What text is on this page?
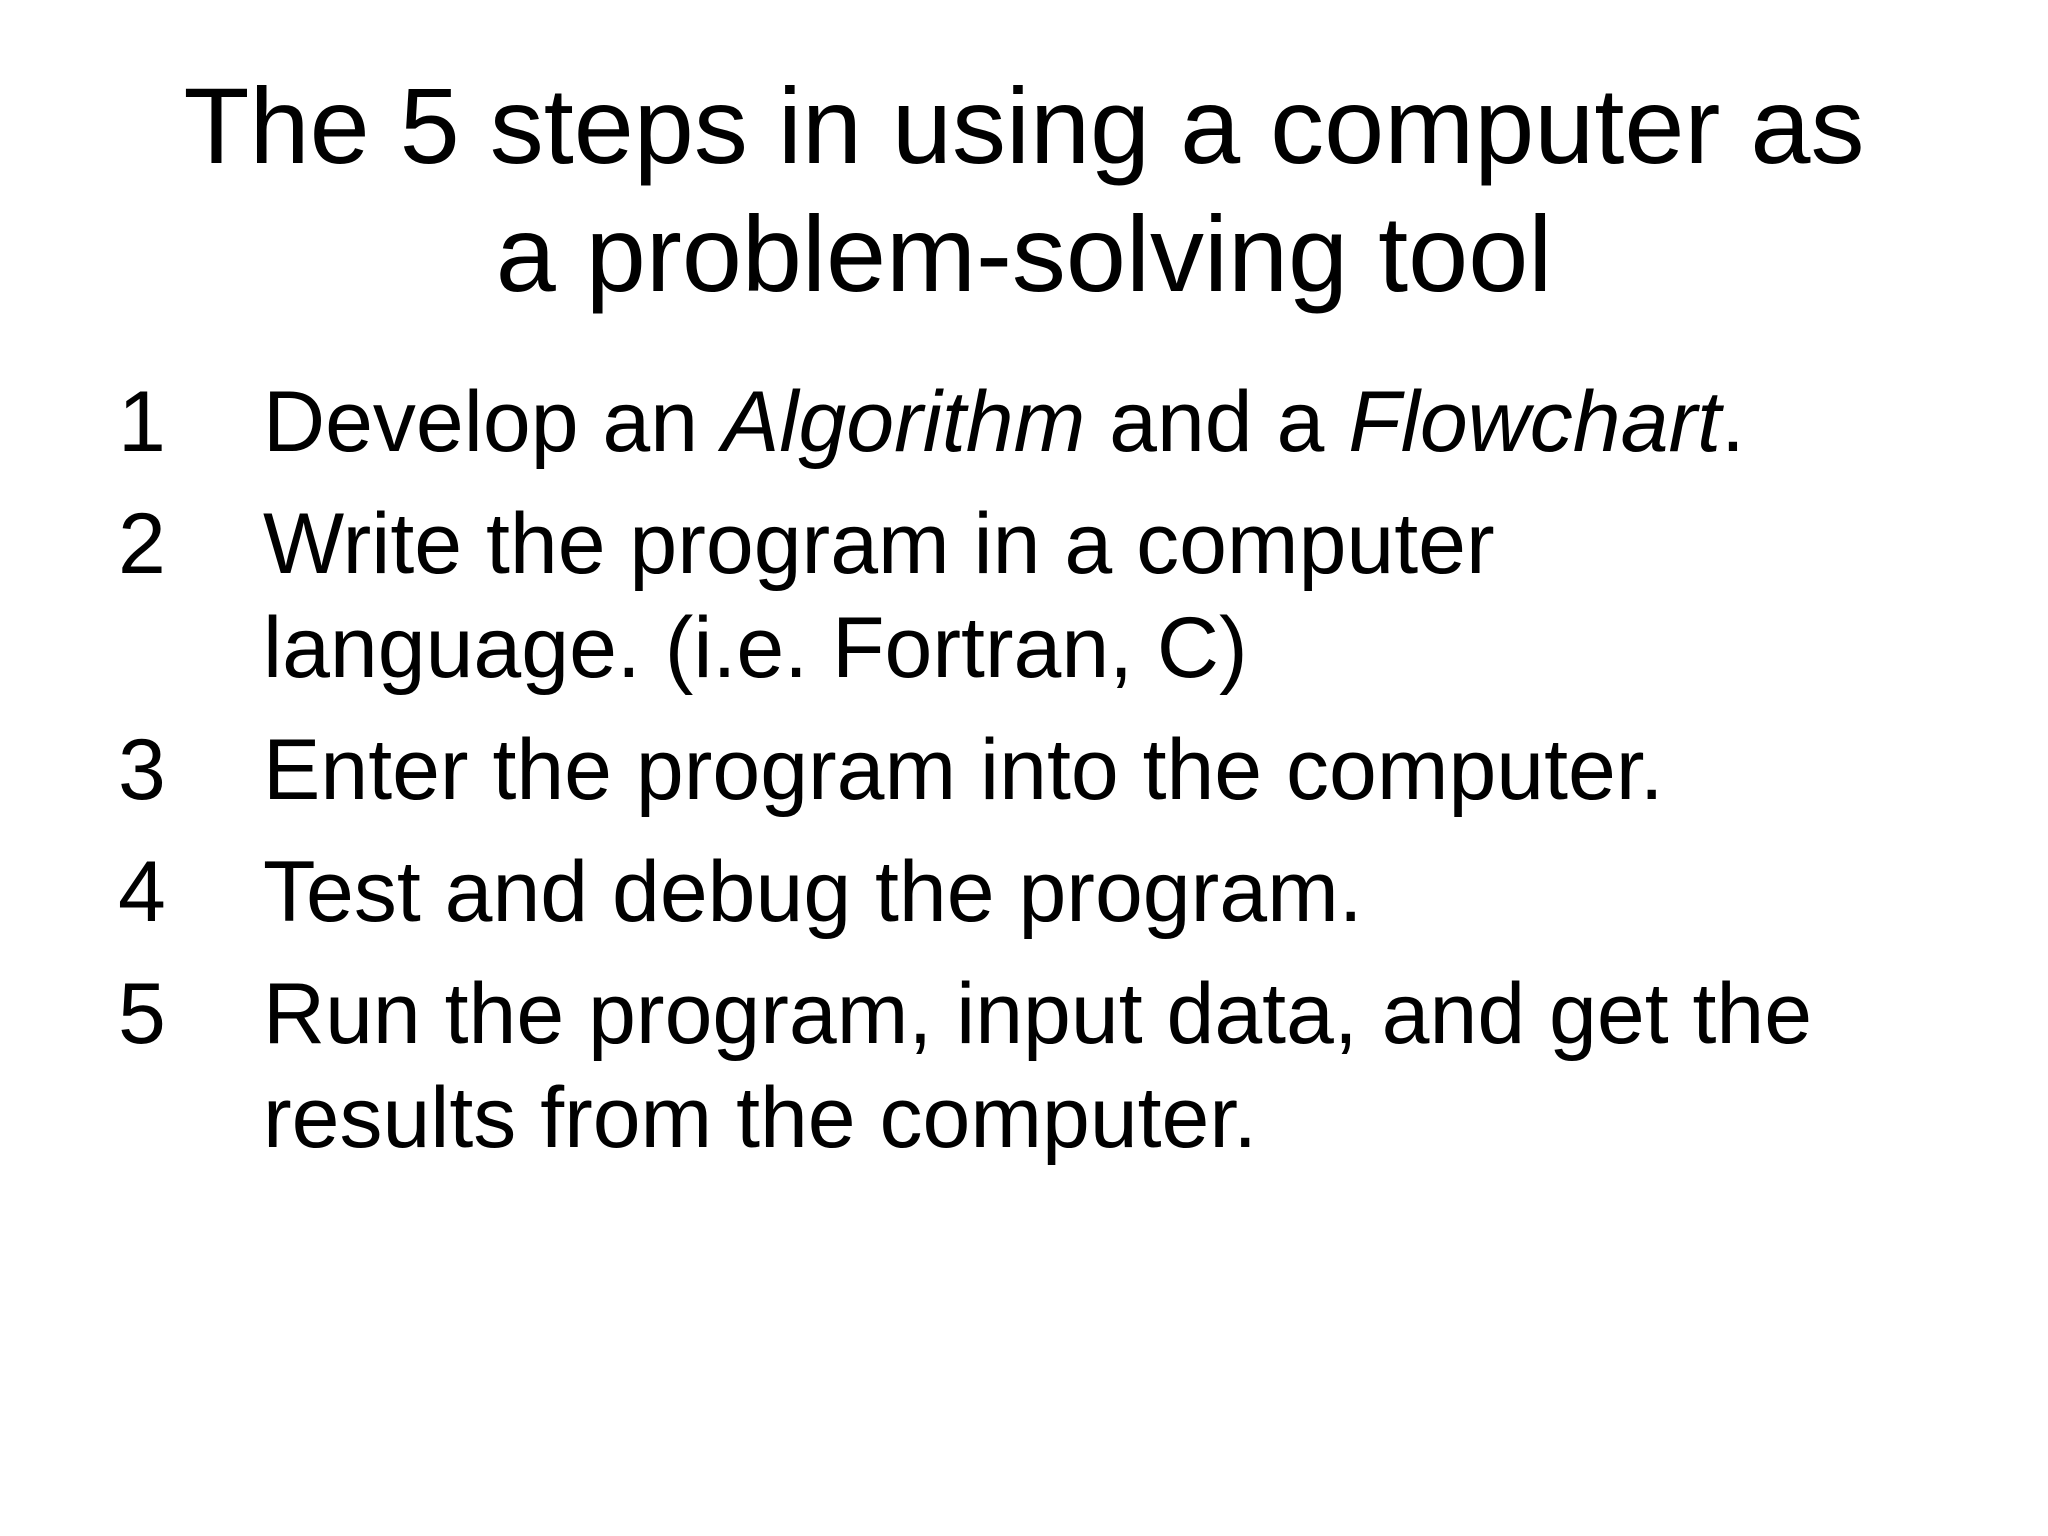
The 5 steps in using a computer as
a problem-solving tool
1 Develop an Algorithm and a Flowchart.
2 Write the program in a computer
language. (i.e. Fortran, C)
3 Enter the program into the computer.
4 Test and debug the program.
5 Run the program, input data, and get the
results from the computer.
